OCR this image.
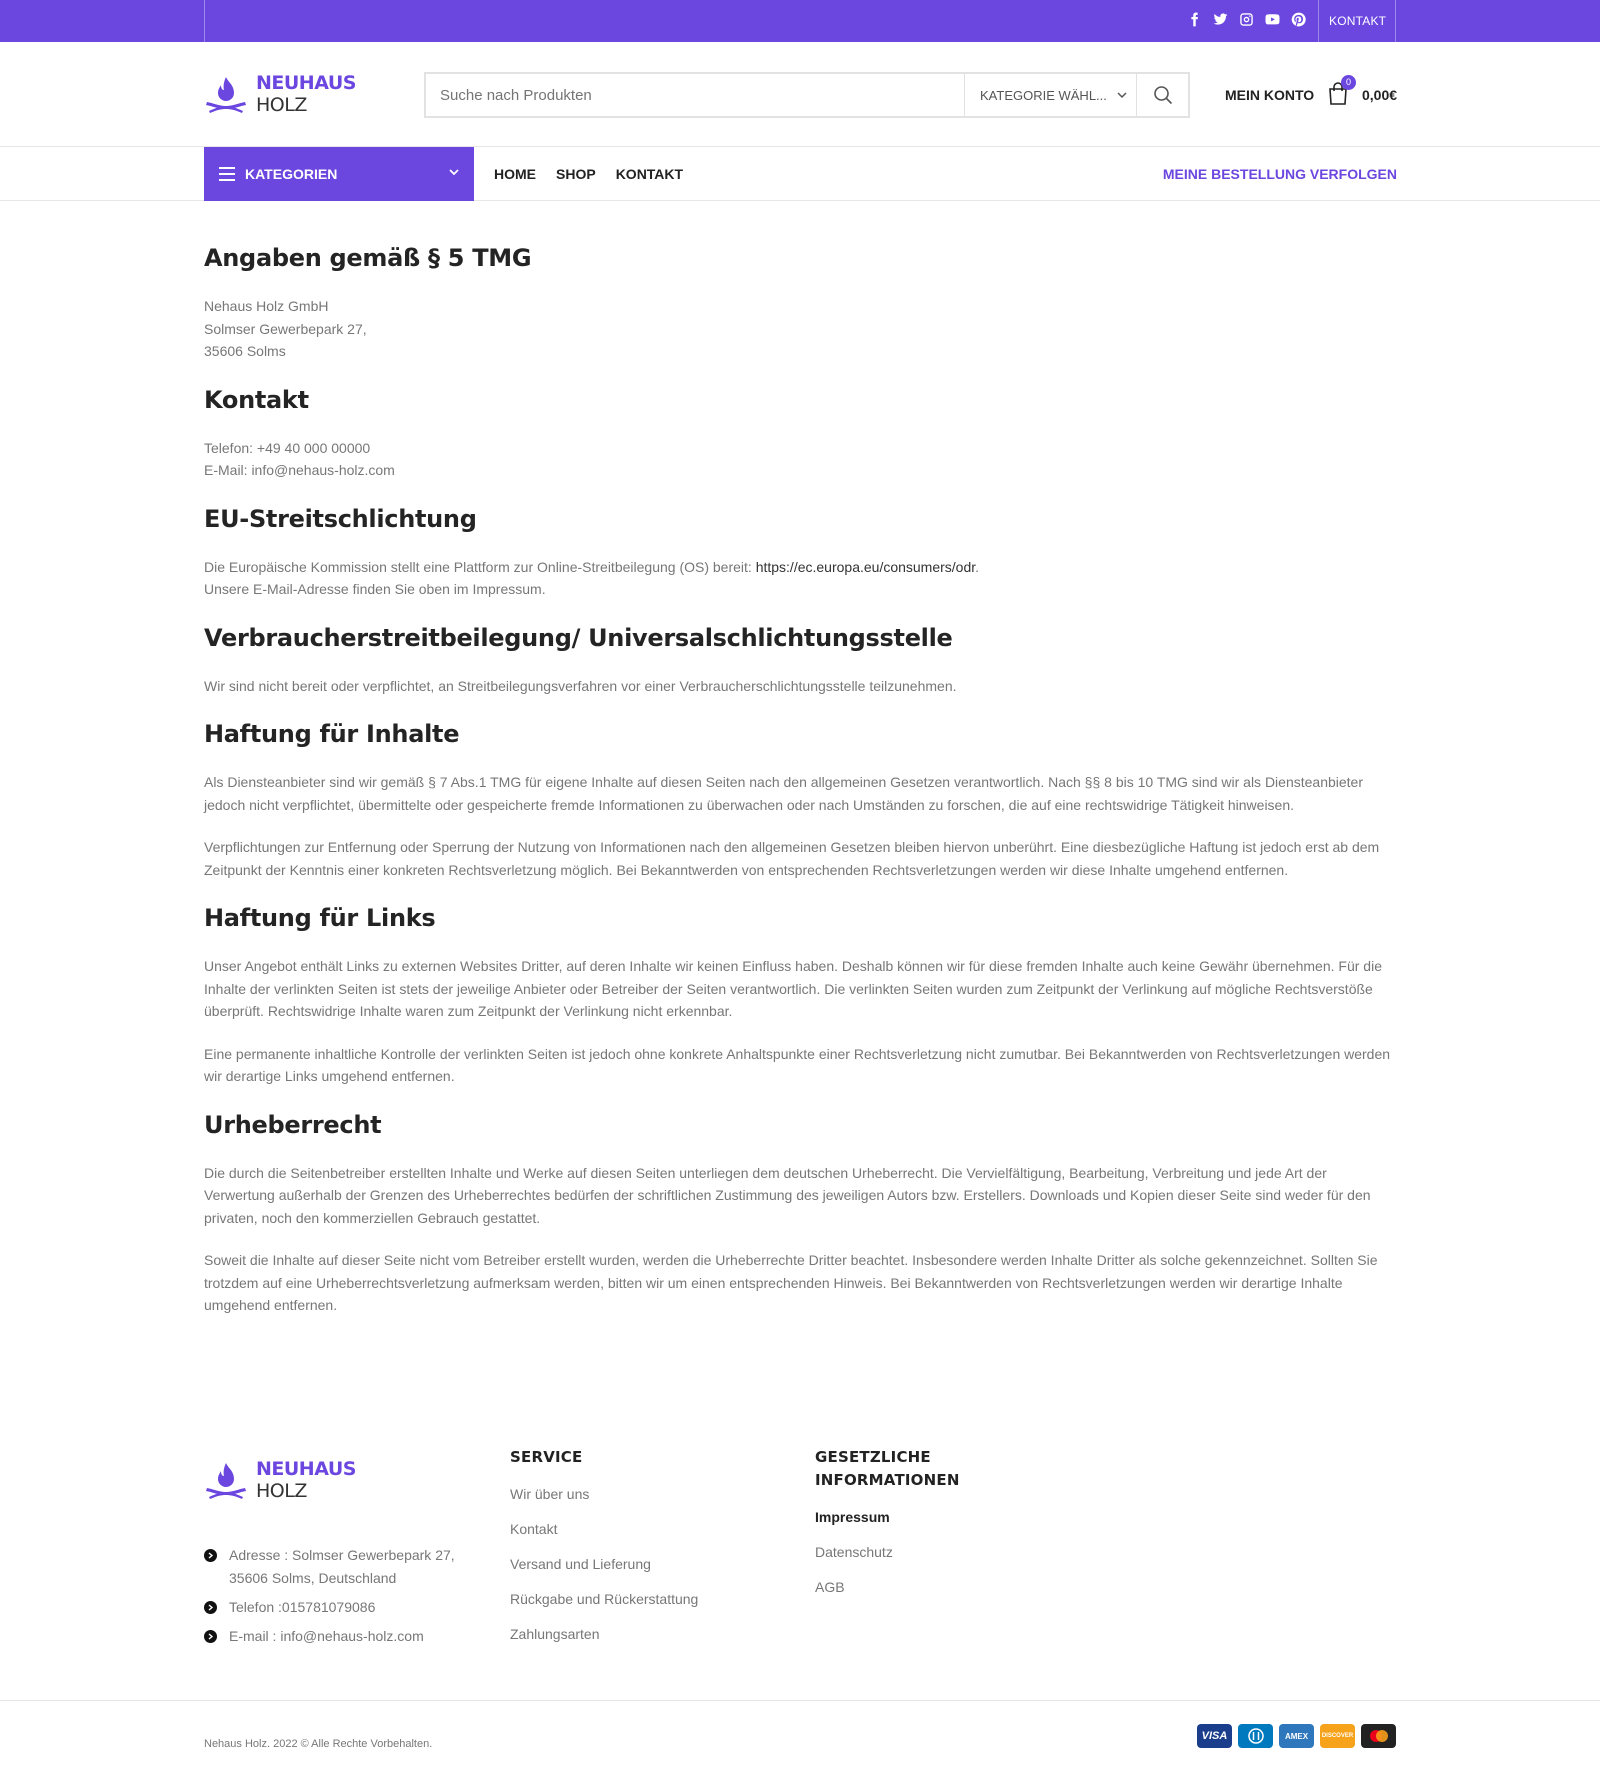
KONTAKT
NEUHAUS
HOLZ
Suche nach Produkten	KATEGORIE WÄHL...	MEIN KONTO
0
0,00€
KATEGORIEN	HOME SHOP KONTAKT	MEINE BESTELLUNG VERFOLGEN
Angaben gemäß § 5 TMG

Nehaus Holz GmbH
Solmser Gewerbepark 27,
35606 Solms

Kontakt

Telefon: +49 40 000 00000
E-Mail: info@nehaus-holz.com

EU-Streitschlichtung

Die Europäische Kommission stellt eine Plattform zur Online-Streitbeilegung (OS) bereit: https://ec.europa.eu/consumers/odr.
Unsere E-Mail-Adresse finden Sie oben im Impressum.

Verbraucherstreitbeilegung/ Universalschlichtungsstelle

Wir sind nicht bereit oder verpflichtet, an Streitbeilegungsverfahren vor einer Verbraucherschlichtungsstelle teilzunehmen.

Haftung für Inhalte

Als Diensteanbieter sind wir gemäß § 7 Abs.1 TMG für eigene Inhalte auf diesen Seiten nach den allgemeinen Gesetzen verantwortlich. Nach §§ 8 bis 10 TMG sind wir als Diensteanbieter jedoch nicht verpflichtet, übermittelte oder gespeicherte fremde Informationen zu überwachen oder nach Umständen zu forschen, die auf eine rechtswidrige Tätigkeit hinweisen.

Verpflichtungen zur Entfernung oder Sperrung der Nutzung von Informationen nach den allgemeinen Gesetzen bleiben hiervon unberührt. Eine diesbezügliche Haftung ist jedoch erst ab dem Zeitpunkt der Kenntnis einer konkreten Rechtsverletzung möglich. Bei Bekanntwerden von entsprechenden Rechtsverletzungen werden wir diese Inhalte umgehend entfernen.

Haftung für Links

Unser Angebot enthält Links zu externen Websites Dritter, auf deren Inhalte wir keinen Einfluss haben. Deshalb können wir für diese fremden Inhalte auch keine Gewähr übernehmen. Für die Inhalte der verlinkten Seiten ist stets der jeweilige Anbieter oder Betreiber der Seiten verantwortlich. Die verlinkten Seiten wurden zum Zeitpunkt der Verlinkung auf mögliche Rechtsverstöße überprüft. Rechtswidrige Inhalte waren zum Zeitpunkt der Verlinkung nicht erkennbar.

Eine permanente inhaltliche Kontrolle der verlinkten Seiten ist jedoch ohne konkrete Anhaltspunkte einer Rechtsverletzung nicht zumutbar. Bei Bekanntwerden von Rechtsverletzungen werden wir derartige Links umgehend entfernen.

Urheberrecht

Die durch die Seitenbetreiber erstellten Inhalte und Werke auf diesen Seiten unterliegen dem deutschen Urheberrecht. Die Vervielfältigung, Bearbeitung, Verbreitung und jede Art der Verwertung außerhalb der Grenzen des Urheberrechtes bedürfen der schriftlichen Zustimmung des jeweiligen Autors bzw. Erstellers. Downloads und Kopien dieser Seite sind weder für den privaten, noch den kommerziellen Gebrauch gestattet.

Soweit die Inhalte auf dieser Seite nicht vom Betreiber erstellt wurden, werden die Urheberrechte Dritter beachtet. Insbesondere werden Inhalte Dritter als solche gekennzeichnet. Sollten Sie trotzdem auf eine Urheberrechtsverletzung aufmerksam werden, bitten wir um einen entsprechenden Hinweis. Bei Bekanntwerden von Rechtsverletzungen werden wir derartige Inhalte umgehend entfernen.

NEUHAUS
HOLZ
Adresse : Solmser Gewerbepark 27,
35606 Solms, Deutschland
Telefon :015781079086
E-mail : info@nehaus-holz.com
SERVICE
Wir über uns
Kontakt
Versand und Lieferung
Rückgabe und Rückerstattung
Zahlungsarten
GESETZLICHE
INFORMATIONEN
Impressum
Datenschutz
AGB
Nehaus Holz. 2022 © Alle Rechte Vorbehalten.
VISA	AMEX	DISCOVER
